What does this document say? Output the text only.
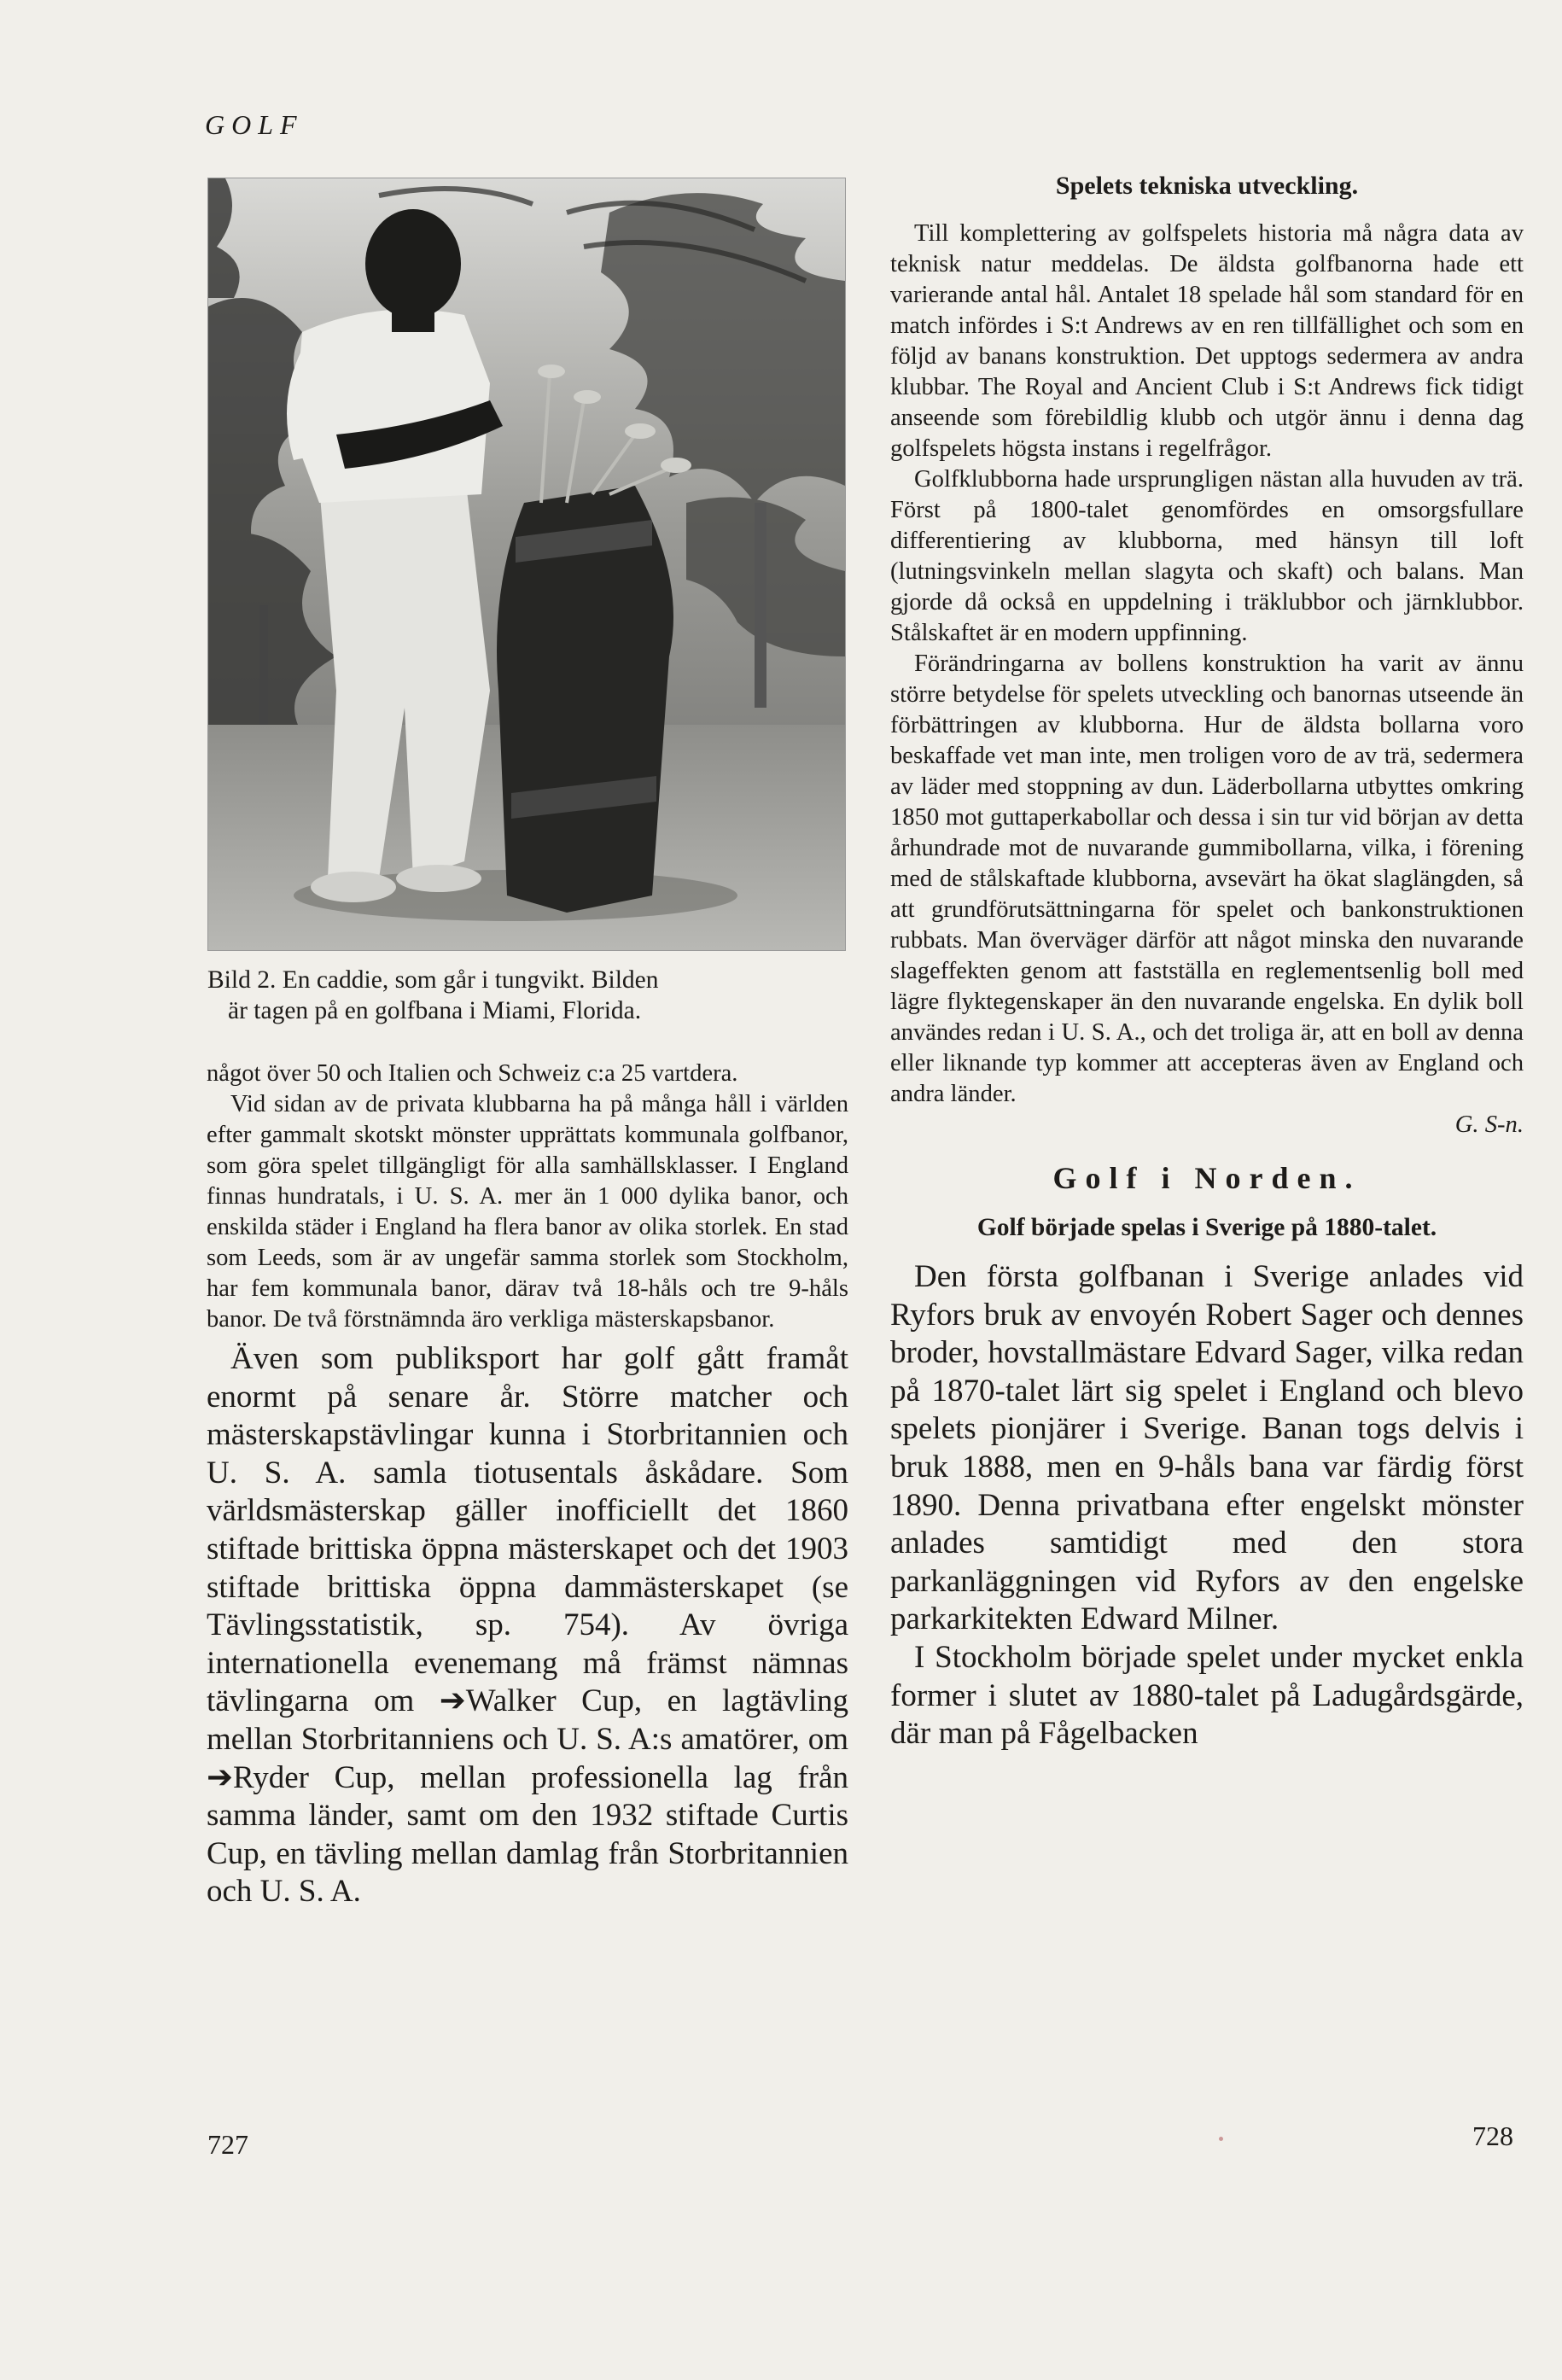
GOLF

Bild 2. En caddie, som går i tungvikt. Bilden

är tagen på en golfbana i Miami, Florida.

något över 50 och Italien och Schweiz c:a 25 vartdera.

Vid sidan av de privata klubbarna ha på många håll i världen efter gammalt skotskt mönster upprättats kommunala golfbanor, som göra spelet tillgängligt för alla samhällsklasser. I England finnas hundratals, i U. S. A. mer än 1 000 dylika banor, och enskilda städer i England ha flera banor av olika storlek. En stad som Leeds, som är av ungefär samma storlek som Stockholm, har fem kommunala banor, därav två 18-håls och tre 9-håls banor. De två förstnämnda äro verkliga mästerskapsbanor.

Även som publiksport har golf gått framåt enormt på senare år. Större matcher och mästerskapstävlingar kunna i Storbritannien och U. S. A. samla tiotusentals åskådare. Som världsmästerskap gäller inofficiellt det 1860 stiftade brittiska öppna mästerskapet och det 1903 stiftade brittiska öppna dammästerskapet (se Tävlingsstatistik, sp. 754). Av övriga internationella evenemang må främst nämnas tävlingarna om ➔Walker Cup, en lagtävling mellan Storbritanniens och U. S. A:s amatörer, om ➔Ryder Cup, mellan professionella lag från samma länder, samt om den 1932 stiftade Curtis Cup, en tävling mellan damlag från Storbritannien och U. S. A.

Spelets tekniska utveckling.

Till komplettering av golfspelets historia må några data av teknisk natur meddelas. De äldsta golfbanorna hade ett varierande antal hål. Antalet 18 spelade hål som standard för en match infördes i S:t Andrews av en ren tillfällighet och som en följd av banans konstruktion. Det upptogs sedermera av andra klubbar. The Royal and Ancient Club i S:t Andrews fick tidigt anseende som förebildlig klubb och utgör ännu i denna dag golfspelets högsta instans i regelfrågor.

Golfklubborna hade ursprungligen nästan alla huvuden av trä. Först på 1800-talet genomfördes en omsorgsfullare differentiering av klubborna, med hänsyn till loft (lutningsvinkeln mellan slagyta och skaft) och balans. Man gjorde då också en uppdelning i träklubbor och järnklubbor. Stålskaftet är en modern uppfinning.

Förändringarna av bollens konstruktion ha varit av ännu större betydelse för spelets utveckling och banornas utseende än förbättringen av klubborna. Hur de äldsta bollarna voro beskaffade vet man inte, men troligen voro de av trä, sedermera av läder med stoppning av dun. Läderbollarna utbyttes omkring 1850 mot guttaperkabollar och dessa i sin tur vid början av detta århundrade mot de nuvarande gummibollarna, vilka, i förening med de stålskaftade klubborna, avsevärt ha ökat slaglängden, så att grundförutsättningarna för spelet och bankonstruktionen rubbats. Man överväger därför att något minska den nuvarande slageffekten genom att fastställa en reglementsenlig boll med lägre flyktegenskaper än den nuvarande engelska. En dylik boll användes redan i U. S. A., och det troliga är, att en boll av denna eller liknande typ kommer att accepteras även av England och andra länder.

G. S-n.

Golf i Norden.
Golf började spelas i Sverige på 1880-talet.

Den första golfbanan i Sverige anlades vid Ryfors bruk av envoyén Robert Sager och dennes broder, hovstallmästare Edvard Sager, vilka redan på 1870-talet lärt sig spelet i England och blevo spelets pionjärer i Sverige. Banan togs delvis i bruk 1888, men en 9-håls bana var färdig först 1890. Denna privatbana efter engelskt mönster anlades samtidigt med den stora parkanläggningen vid Ryfors av den engelske parkarkitekten Edward Milner.

I Stockholm började spelet under mycket enkla former i slutet av 1880-talet på Ladugårdsgärde, där man på Fågelbacken

727	728
